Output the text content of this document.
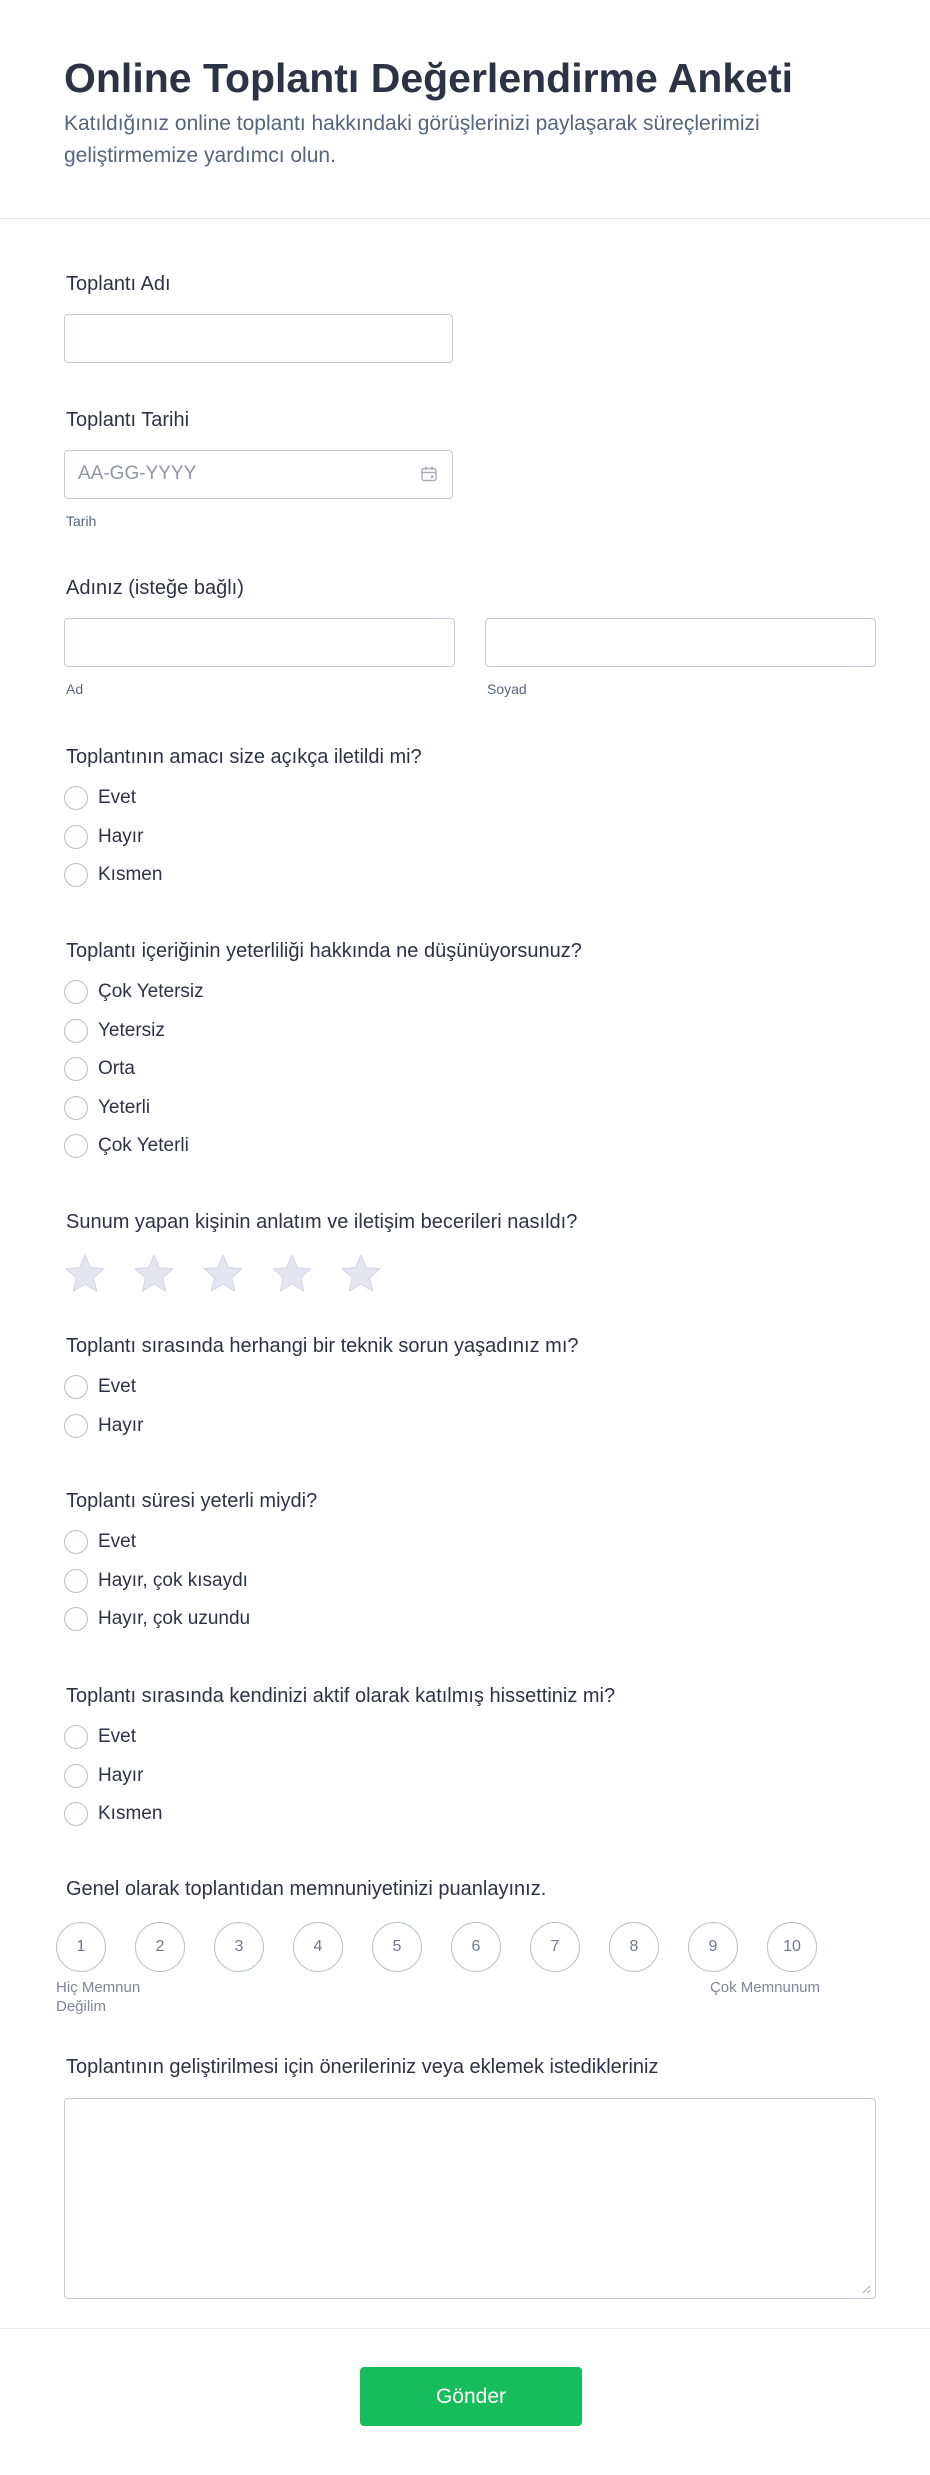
Online Toplantı Değerlendirme Anketi

Katıldığınız online toplantı hakkındaki görüşlerinizi paylaşarak süreçlerimizi geliştirmemize yardımcı olun.

Toplantı Adı
Toplantı Tarihi
AA-GG-YYYY
Tarih
Adınız (isteğe bağlı)
Ad	Soyad
Toplantının amacı size açıkça iletildi mi?
Evet
Hayır
Kısmen
Toplantı içeriğinin yeterliliği hakkında ne düşünüyorsunuz?
Çok Yetersiz
Yetersiz
Orta
Yeterli
Çok Yeterli
Sunum yapan kişinin anlatım ve iletişim becerileri nasıldı?
Toplantı sırasında herhangi bir teknik sorun yaşadınız mı?
Evet
Hayır
Toplantı süresi yeterli miydi?
Evet
Hayır, çok kısaydı
Hayır, çok uzundu
Toplantı sırasında kendinizi aktif olarak katılmış hissettiniz mi?
Evet
Hayır
Kısmen
Genel olarak toplantıdan memnuniyetinizi puanlayınız.
1	2	3	4	5	6	7	8	9	10
Hiç Memnun Değilim
Çok Memnunum
Toplantının geliştirilmesi için önerileriniz veya eklemek istedikleriniz
Gönder
